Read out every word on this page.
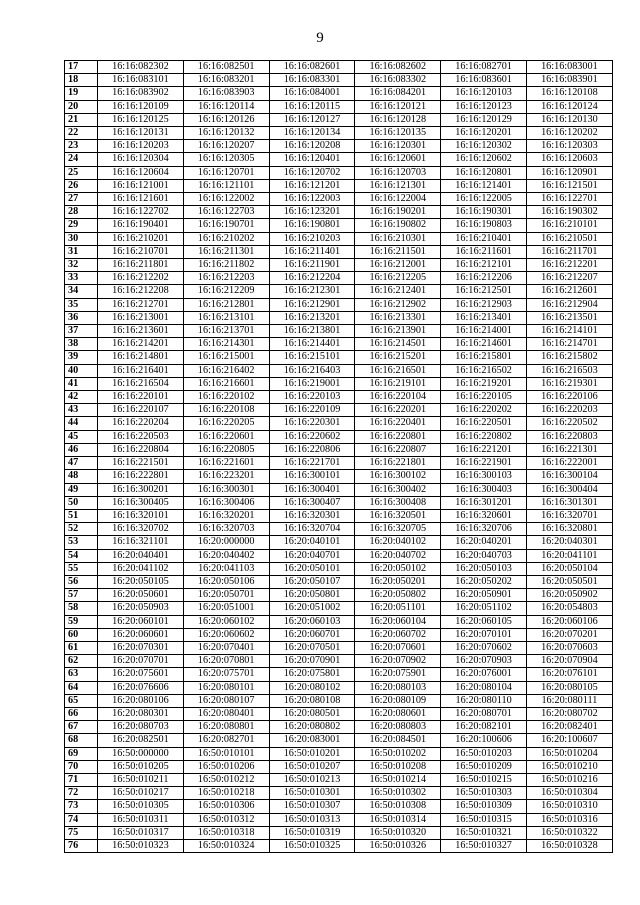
9
17	16:16:082302	16:16:082501	16:16:082601	16:16:082602	16:16:082701	16:16:083001
18	16:16:083101	16:16:083201	16:16:083301	16:16:083302	16:16:083601	16:16:083901
19	16:16:083902	16:16:083903	16:16:084001	16:16:084201	16:16:120103	16:16:120108
20	16:16:120109	16:16:120114	16:16:120115	16:16:120121	16:16:120123	16:16:120124
21	16:16:120125	16:16:120126	16:16:120127	16:16:120128	16:16:120129	16:16:120130
22	16:16:120131	16:16:120132	16:16:120134	16:16:120135	16:16:120201	16:16:120202
23	16:16:120203	16:16:120207	16:16:120208	16:16:120301	16:16:120302	16:16:120303
24	16:16:120304	16:16:120305	16:16:120401	16:16:120601	16:16:120602	16:16:120603
25	16:16:120604	16:16:120701	16:16:120702	16:16:120703	16:16:120801	16:16:120901
26	16:16:121001	16:16:121101	16:16:121201	16:16:121301	16:16:121401	16:16:121501
27	16:16:121601	16:16:122002	16:16:122003	16:16:122004	16:16:122005	16:16:122701
28	16:16:122702	16:16:122703	16:16:123201	16:16:190201	16:16:190301	16:16:190302
29	16:16:190401	16:16:190701	16:16:190801	16:16:190802	16:16:190803	16:16:210101
30	16:16:210201	16:16:210202	16:16:210203	16:16:210301	16:16:210401	16:16:210501
31	16:16:210701	16:16:211301	16:16:211401	16:16:211501	16:16:211601	16:16:211701
32	16:16:211801	16:16:211802	16:16:211901	16:16:212001	16:16:212101	16:16:212201
33	16:16:212202	16:16:212203	16:16:212204	16:16:212205	16:16:212206	16:16:212207
34	16:16:212208	16:16:212209	16:16:212301	16:16:212401	16:16:212501	16:16:212601
35	16:16:212701	16:16:212801	16:16:212901	16:16:212902	16:16:212903	16:16:212904
36	16:16:213001	16:16:213101	16:16:213201	16:16:213301	16:16:213401	16:16:213501
37	16:16:213601	16:16:213701	16:16:213801	16:16:213901	16:16:214001	16:16:214101
38	16:16:214201	16:16:214301	16:16:214401	16:16:214501	16:16:214601	16:16:214701
39	16:16:214801	16:16:215001	16:16:215101	16:16:215201	16:16:215801	16:16:215802
40	16:16:216401	16:16:216402	16:16:216403	16:16:216501	16:16:216502	16:16:216503
41	16:16:216504	16:16:216601	16:16:219001	16:16:219101	16:16:219201	16:16:219301
42	16:16:220101	16:16:220102	16:16:220103	16:16:220104	16:16:220105	16:16:220106
43	16:16:220107	16:16:220108	16:16:220109	16:16:220201	16:16:220202	16:16:220203
44	16:16:220204	16:16:220205	16:16:220301	16:16:220401	16:16:220501	16:16:220502
45	16:16:220503	16:16:220601	16:16:220602	16:16:220801	16:16:220802	16:16:220803
46	16:16:220804	16:16:220805	16:16:220806	16:16:220807	16:16:221201	16:16:221301
47	16:16:221501	16:16:221601	16:16:221701	16:16:221801	16:16:221901	16:16:222001
48	16:16:222801	16:16:223201	16:16:300101	16:16:300102	16:16:300103	16:16:300104
49	16:16:300201	16:16:300301	16:16:300401	16:16:300402	16:16:300403	16:16:300404
50	16:16:300405	16:16:300406	16:16:300407	16:16:300408	16:16:301201	16:16:301301
51	16:16:320101	16:16:320201	16:16:320301	16:16:320501	16:16:320601	16:16:320701
52	16:16:320702	16:16:320703	16:16:320704	16:16:320705	16:16:320706	16:16:320801
53	16:16:321101	16:20:000000	16:20:040101	16:20:040102	16:20:040201	16:20:040301
54	16:20:040401	16:20:040402	16:20:040701	16:20:040702	16:20:040703	16:20:041101
55	16:20:041102	16:20:041103	16:20:050101	16:20:050102	16:20:050103	16:20:050104
56	16:20:050105	16:20:050106	16:20:050107	16:20:050201	16:20:050202	16:20:050501
57	16:20:050601	16:20:050701	16:20:050801	16:20:050802	16:20:050901	16:20:050902
58	16:20:050903	16:20:051001	16:20:051002	16:20:051101	16:20:051102	16:20:054803
59	16:20:060101	16:20:060102	16:20:060103	16:20:060104	16:20:060105	16:20:060106
60	16:20:060601	16:20:060602	16:20:060701	16:20:060702	16:20:070101	16:20:070201
61	16:20:070301	16:20:070401	16:20:070501	16:20:070601	16:20:070602	16:20:070603
62	16:20:070701	16:20:070801	16:20:070901	16:20:070902	16:20:070903	16:20:070904
63	16:20:075601	16:20:075701	16:20:075801	16:20:075901	16:20:076001	16:20:076101
64	16:20:076606	16:20:080101	16:20:080102	16:20:080103	16:20:080104	16:20:080105
65	16:20:080106	16:20:080107	16:20:080108	16:20:080109	16:20:080110	16:20:080111
66	16:20:080301	16:20:080401	16:20:080501	16:20:080601	16:20:080701	16:20:080702
67	16:20:080703	16:20:080801	16:20:080802	16:20:080803	16:20:082101	16:20:082401
68	16:20:082501	16:20:082701	16:20:083001	16:20:084501	16:20:100606	16:20:100607
69	16:50:000000	16:50:010101	16:50:010201	16:50:010202	16:50:010203	16:50:010204
70	16:50:010205	16:50:010206	16:50:010207	16:50:010208	16:50:010209	16:50:010210
71	16:50:010211	16:50:010212	16:50:010213	16:50:010214	16:50:010215	16:50:010216
72	16:50:010217	16:50:010218	16:50:010301	16:50:010302	16:50:010303	16:50:010304
73	16:50:010305	16:50:010306	16:50:010307	16:50:010308	16:50:010309	16:50:010310
74	16:50:010311	16:50:010312	16:50:010313	16:50:010314	16:50:010315	16:50:010316
75	16:50:010317	16:50:010318	16:50:010319	16:50:010320	16:50:010321	16:50:010322
76	16:50:010323	16:50:010324	16:50:010325	16:50:010326	16:50:010327	16:50:010328
